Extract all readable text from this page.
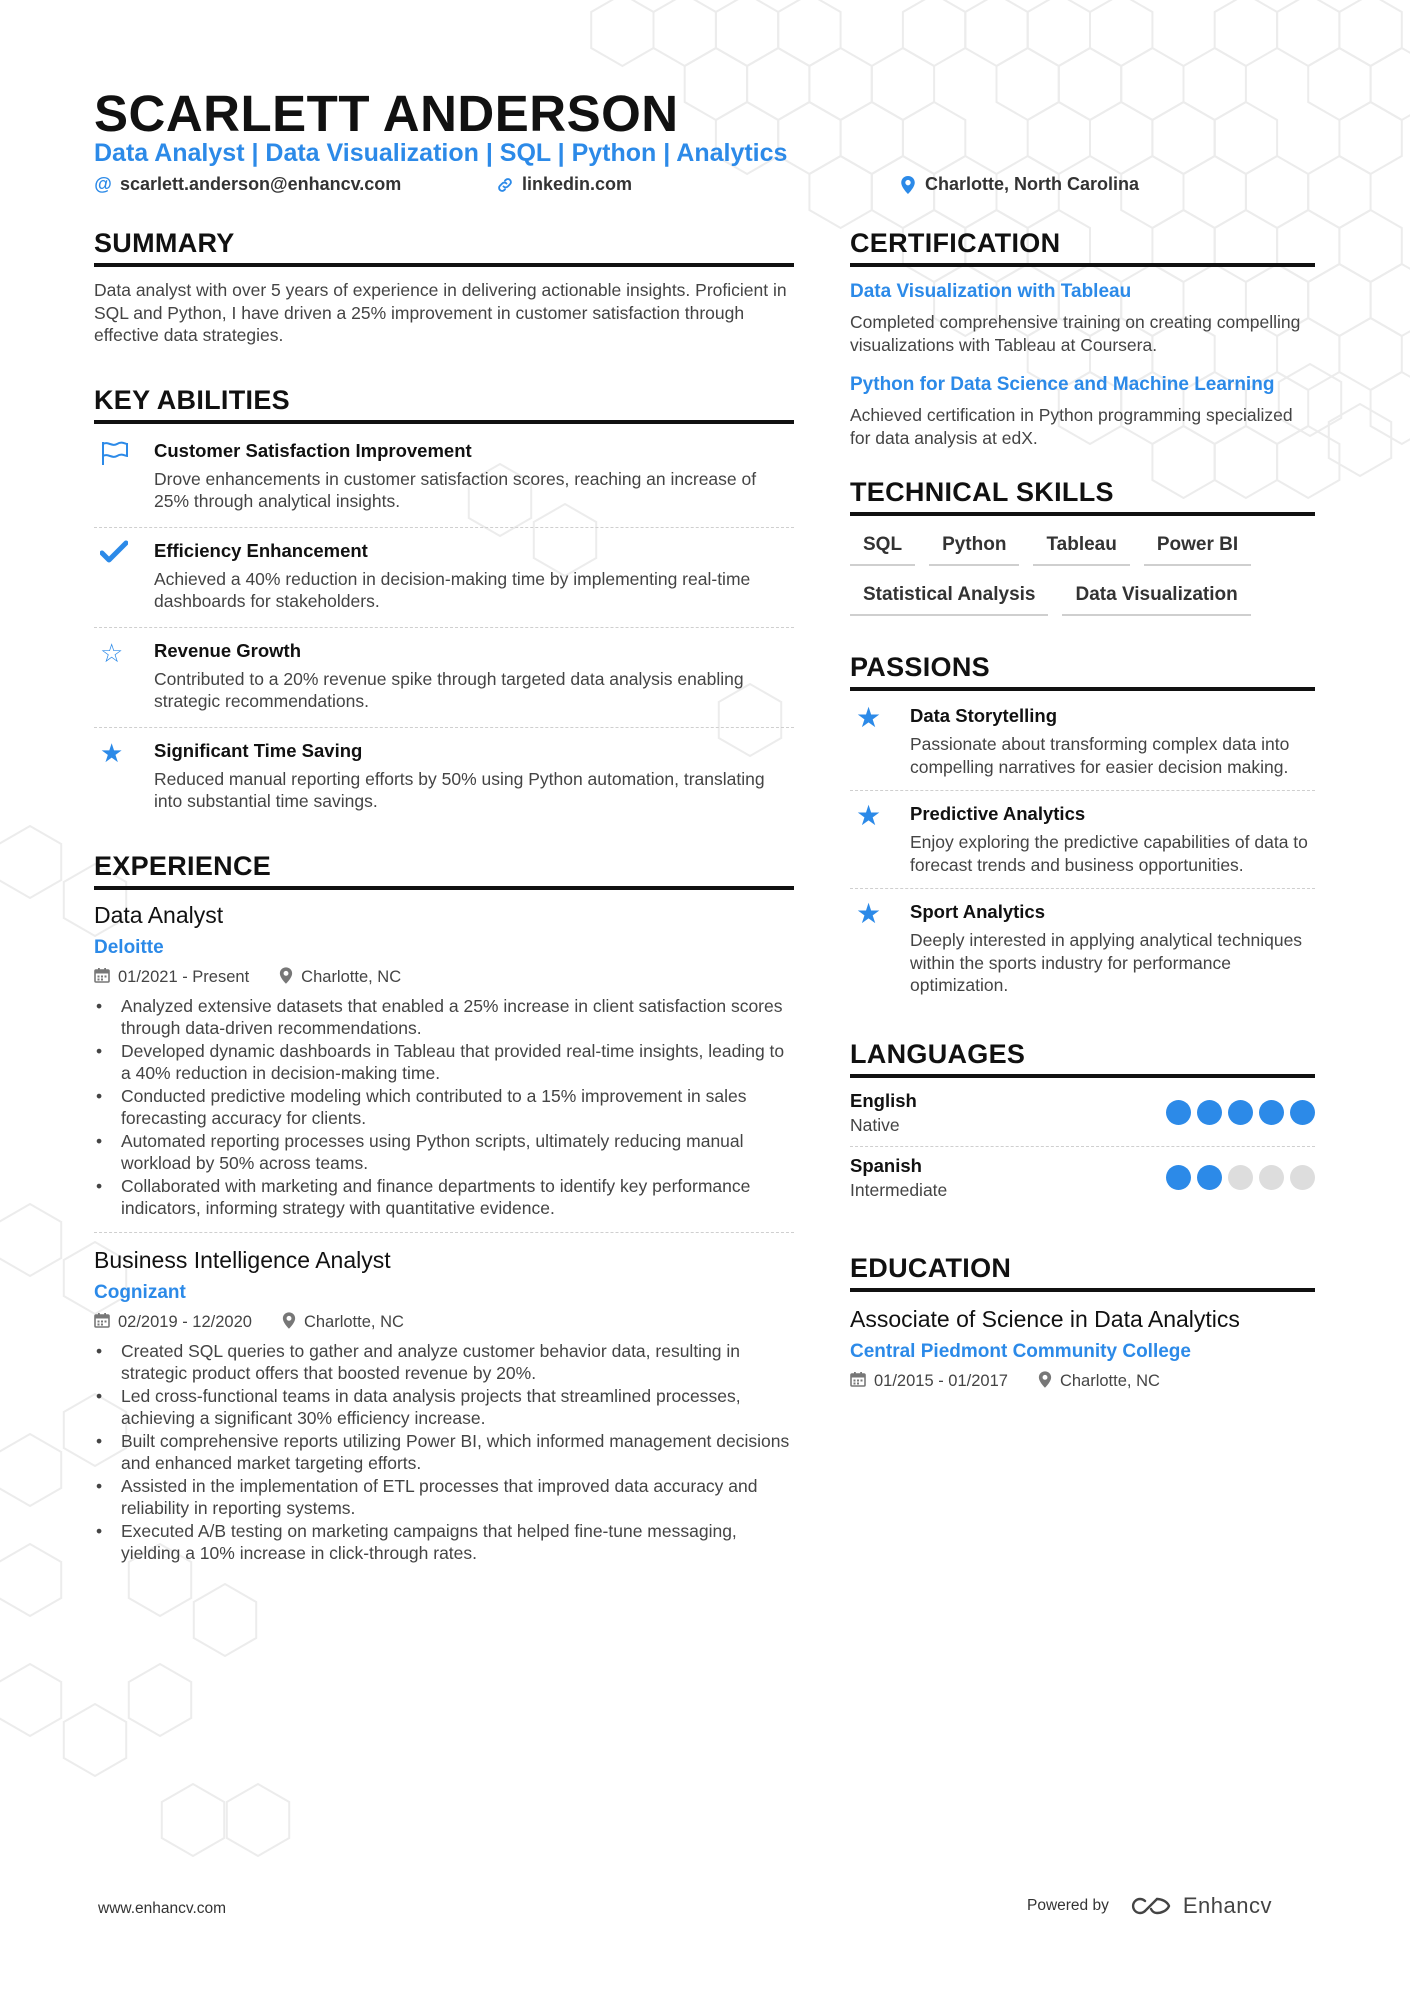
SCARLETT ANDERSON
Data Analyst | Data Visualization | SQL | Python | Analytics
@ scarlett.anderson@enhancv.com	linkedin.com	Charlotte, North Carolina
SUMMARY

Data analyst with over 5 years of experience in delivering actionable insights. Proficient in SQL and Python, I have driven a 25% improvement in customer satisfaction through effective data strategies.

KEY ABILITIES
Customer Satisfaction Improvement
Drove enhancements in customer satisfaction scores, reaching an increase of 25% through analytical insights.
Efficiency Enhancement
Achieved a 40% reduction in decision-making time by implementing real-time dashboards for stakeholders.
☆	Revenue Growth
Contributed to a 20% revenue spike through targeted data analysis enabling strategic recommendations.
★	Significant Time Saving
Reduced manual reporting efforts by 50% using Python automation, translating into substantial time savings.
EXPERIENCE
Data Analyst
Deloitte
01/2021 - Present	Charlotte, NC
• Analyzed extensive datasets that enabled a 25% increase in client satisfaction scores through data-driven recommendations.
• Developed dynamic dashboards in Tableau that provided real-time insights, leading to a 40% reduction in decision-making time.
• Conducted predictive modeling which contributed to a 15% improvement in sales forecasting accuracy for clients.
• Automated reporting processes using Python scripts, ultimately reducing manual workload by 50% across teams.
• Collaborated with marketing and finance departments to identify key performance indicators, informing strategy with quantitative evidence.
Business Intelligence Analyst
Cognizant
02/2019 - 12/2020	Charlotte, NC
• Created SQL queries to gather and analyze customer behavior data, resulting in strategic product offers that boosted revenue by 20%.
• Led cross-functional teams in data analysis projects that streamlined processes, achieving a significant 30% efficiency increase.
• Built comprehensive reports utilizing Power BI, which informed management decisions and enhanced market targeting efforts.
• Assisted in the implementation of ETL processes that improved data accuracy and reliability in reporting systems.
• Executed A/B testing on marketing campaigns that helped fine-tune messaging, yielding a 10% increase in click-through rates.
CERTIFICATION
Data Visualization with Tableau
Completed comprehensive training on creating compelling visualizations with Tableau at Coursera.
Python for Data Science and Machine Learning
Achieved certification in Python programming specialized for data analysis at edX.
TECHNICAL SKILLS
SQL	Python	Tableau	Power BI
Statistical Analysis	Data Visualization
PASSIONS
★	Data Storytelling
Passionate about transforming complex data into compelling narratives for easier decision making.
★	Predictive Analytics
Enjoy exploring the predictive capabilities of data to forecast trends and business opportunities.
★	Sport Analytics
Deeply interested in applying analytical techniques within the sports industry for performance optimization.
LANGUAGES
English
Native
Spanish
Intermediate
EDUCATION
Associate of Science in Data Analytics
Central Piedmont Community College
01/2015 - 01/2017	Charlotte, NC
www.enhancv.com	Powered by	Enhancv
